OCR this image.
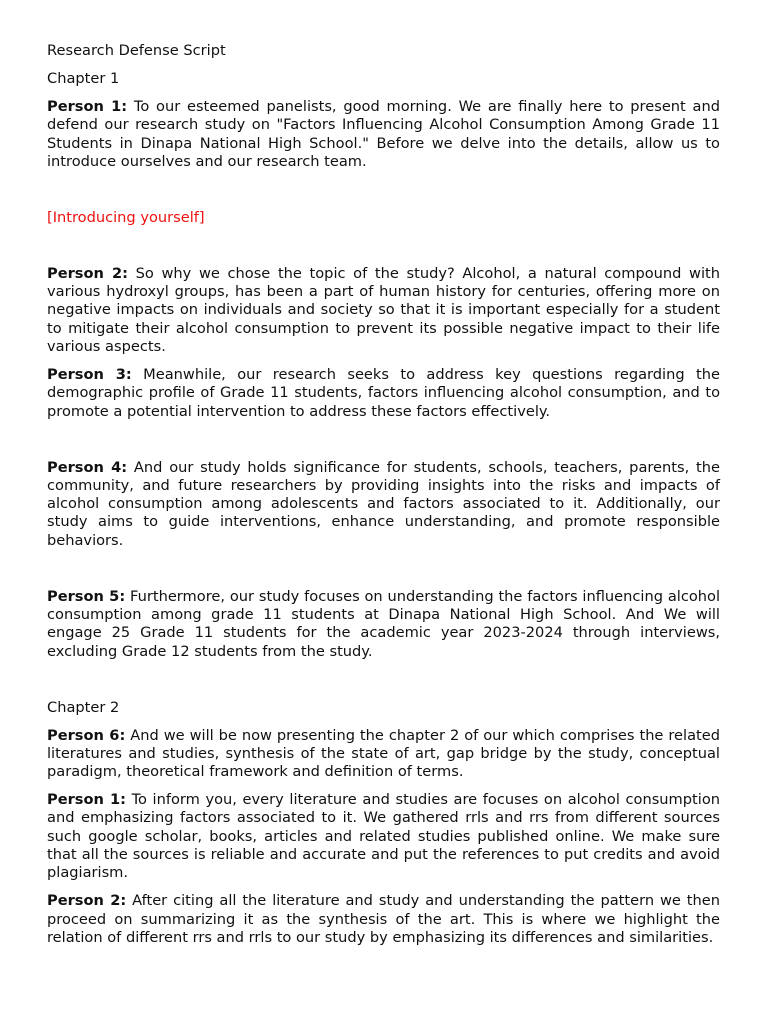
Research Defense Script

Chapter 1

Person 1: To our esteemed panelists, good morning. We are finally here to present and defend our research study on "Factors Influencing Alcohol Consumption Among Grade 11 Students in Dinapa National High School." Before we delve into the details, allow us to introduce ourselves and our research team.

[Introducing yourself]

Person 2: So why we chose the topic of the study? Alcohol, a natural compound with various hydroxyl groups, has been a part of human history for centuries, offering more on negative impacts on individuals and society so that it is important especially for a student to mitigate their alcohol consumption to prevent its possible negative impact to their life various aspects.

Person 3: Meanwhile, our research seeks to address key questions regarding the demographic profile of Grade 11 students, factors influencing alcohol consumption, and to promote a potential intervention to address these factors effectively.

Person 4: And our study holds significance for students, schools, teachers, parents, the community, and future researchers by providing insights into the risks and impacts of alcohol consumption among adolescents and factors associated to it. Additionally, our study aims to guide interventions, enhance understanding, and promote responsible behaviors.

Person 5: Furthermore, our study focuses on understanding the factors influencing alcohol consumption among grade 11 students at Dinapa National High School. And We will engage 25 Grade 11 students for the academic year 2023-2024 through interviews, excluding Grade 12 students from the study.

Chapter 2

Person 6: And we will be now presenting the chapter 2 of our which comprises the related literatures and studies, synthesis of the state of art, gap bridge by the study, conceptual paradigm, theoretical framework and definition of terms.

Person 1: To inform you, every literature and studies are focuses on alcohol consumption and emphasizing factors associated to it. We gathered rrls and rrs from different sources such google scholar, books, articles and related studies published online. We make sure that all the sources is reliable and accurate and put the references to put credits and avoid plagiarism.

Person 2: After citing all the literature and study and understanding the pattern we then proceed on summarizing it as the synthesis of the art. This is where we highlight the relation of different rrs and rrls to our study by emphasizing its differences and similarities.
